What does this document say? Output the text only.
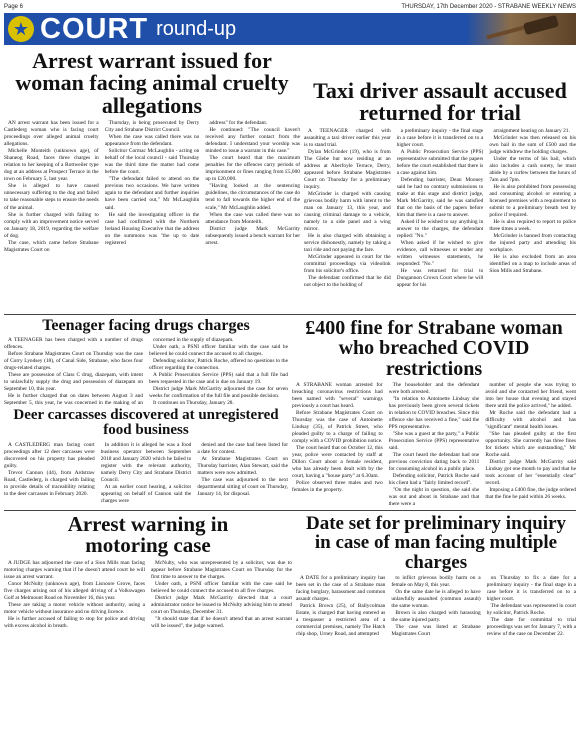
Page 6	THURSDAY, 17th December 2020 - STRABANE WEEKLY NEWS
★ COURT round-up
Arrest warrant issued for woman facing animal cruelty allegations

AN arrest warrant has been issued for a Castlederg woman who is facing court proceedings over alleged animal cruelty allegations.

Michelle Monteith (unknown age), of Shaneog Road, faces three charges in relation to her keeping of a Rottweiler type dog at an address at Prospect Terrace in the town on February 5, last year.

She is alleged to have caused unnecessary suffering to the dog and failed to take reasonable steps to ensure the needs of the animal.

She is further charged with failing to comply with an improvement notice served on January 18, 2019, regarding the welfare of dog.

The case, which came before Strabane Magistrates Court on

Thursday, is being prosecuted by Derry City and Strabane District Council.

When the case was called there was no appearance from the defendant.

Solicitor Cormac McLaughlin - acting on behalf of the local council - said Thursday was the third time the matter had come before the court.

"The defendant failed to attend on the previous two occasions. We have written again to the defendant and further inquiries have been carried out," Mr McLaughlin said.

He said the investigating officer in the case had confirmed with the Northern Ireland Housing Executive that the address on the summons was "the up to date registered

address" for the defendant.

He continued: "The council haven't received any further contact from the defendant. I understand your worship was minded to issue a warrant in this case."

The court heard that the maximum penalties for the offences carry periods of imprisonment or fines ranging from £5,000 up to £20,000.

"Having looked at the sentencing guidelines, the circumstances of the case do tend to fall towards the higher end of the scale," Mr McLaughlin added.

When the case was called there was no attendance from Monteith.

District judge Mark McGarrity subsequently issued a bench warrant for her arrest.

Taxi driver assault accused returned for trial

A TEENAGER charged with assaulting a taxi driver earlier this year is to stand trial.

Dylan McGrinder (19), who is from The Glebe but now residing at an address at Aberfoyle Terrace, Derry, appeared before Strabane Magistrates Court on Thursday for a preliminary inquiry.

McGrinder is charged with causing grievous bodily harm with intent to the man on January 13, this year, and causing criminal damage to a vehicle, namely to a side panel and a wing mirror.

He is also charged with obtaining a service dishonestly, namely by taking a taxi ride and not paying the fare.

McGrinder appeared in court for the committal proceedings via videolink from his solicitor's office.

The defendant confirmed that he did not object to the holding of

a preliminary inquiry - the final stage in a case before it is transferred on to a higher court.

A Public Prosecution Service (PPS) representative submitted that the papers before the court established that there is a case against him.

Defending barrister, Dean Mooney said he had no contrary submissions to make at this stage and district judge, Mark McGarrity, said he was satisfied that on the basis of the papers before him that there is a case to answer.

Asked if he wished to say anything in answer to the charges, the defendant replied: "No."

When asked if he wished to give evidence, call witnesses or tender any written witnesses statements, he responded: "No."

He was returned for trial to Dungannon Crown Court where he will appear for his

arraignment hearing on January 21.

McGrinder was then released on his own bail in the sum of £500 and the judge withdrew the holding charges.

Under the terms of his bail, which also includes a cash surety, he must abide by a curfew between the hours of 7am and 7pm.

He is also prohibited from possessing and consuming alcohol or entering a licensed premises with a requirement to submit to a preliminary breath test by police if required.

He is also required to report to police three times a week.

McGrinder is banned from contacting the injured party and attending his workplace.

He is also excluded from an area identified on a map to include areas of Sion Mills and Strabane.

Teenager facing drugs charges

A TEENAGER has been charged with a number of drugs offences.

Before Strabane Magistrates Court on Thursday was the case of Corry Lyndsey (18), of Canal Side, Strabane, who faces four drugs-related charges.

These are possession of Class C drug, diazepam, with intent to unlawfully supply the drug and possession of diazepam on September 10, this year.

He is further charged that on dates between August 3 and September 5, this year, he was concerned in the making of an

concerned in the supply of diazepam.

Under oath, a PSNI officer familiar with the case said he believed he could connect the accused to all charges.

Defending solicitor, Patrick Roche, offered no questions to the officer regarding the connection.

A Public Prosecution Service (PPS) said that a full file had been requested in the case and is due on January 19.

District judge Mark McGarrity adjourned the case for seven weeks for confirmation of the full file and possible decision.

It continues on Thursday, January 28.

£400 fine for Strabane woman who breached COVID restrictions

A STRABANE woman arrested for breaching coronavirus restrictions had been named with "several" warnings previously a court has heard.

Before Strabane Magistrates Court on Thursday was the case of Antoinette Lindsay (35), of Patrick Street, who pleaded guilty to a charge of failing to comply with a COVID prohibition notice.

The court heard that on October 12, this year, police were contacted by staff at Dillon Court about a female resident, who has already been dealt with by the court, having a "house party" at 6.30am.

Police observed three males and two females in the property.

The householder and the defendant were both arrested.

"In relation to Antoinette Lindsay she has previously been given several tickets in relation to COVID breaches. Since this offence she has received a fine," said the PPS representative.

"She was a guest at the party," a Public Prosecution Service (PPS) representative said.

The court heard the defendant had one previous conviction dating back to 2011 for consuming alcohol in a public place.

Defending solicitor, Patrick Roche said his client had a "fairly limited record".

"On the night in question, she said she was out and about in Strabane and that there were a

number of people she was trying to avoid and she contacted her friend, went into her house that evening and stayed there until the police arrived," he added.

Mr Roche said the defendant had a difficulty with alcohol and has "significant" mental health issues.

"She has pleaded guilty at the first opportunity. She currently has three fines for tickets which are outstanding," Mr Roche said.

District judge Mark McGarrity said Lindsay got one month to pay and that he took account of her "essentially clear" record.

Imposing a £400 fine, the judge ordered that the fine be paid within 26 weeks.

Deer carcasses discovered at unregistered food business

A CASTLEDERG man facing court proceedings after 12 deer carcasses were discovered on his property has pleaded guilty.

Trevor Cannon (44), from Ardstraw Road, Castlederg, is charged with failing to provide details of traceability relating to the deer carcasses in February 2020.

In addition it is alleged he was a food business operator between September 2018 and January 2020 which he failed to register with the relevant authority, namely Derry City and Strabane District Council.

At an earlier court hearing, a solicitor appearing on behalf of Cannon said the charges were

denied and the case had been listed for a date for contest.

At Strabane Magistrates Court on Thursday barrister, Alan Stewart, said the matters were now admitted.

The case was adjourned to the next departmental sitting of court on Thursday, January 14, for disposal.

Arrest warning in motoring case

A JUDGE has adjourned the case of a Sion Mills man facing motoring charges warning that if he doesn't attend court he will issue an arrest warrant.

Conor McNulty (unknown age), from Lisnoore Grove, faces five charges arising out of his alleged driving of a Volkswagen Golf at Melmount Road on November 16, this year.

These are taking a motor vehicle without authority, using a motor vehicle without insurance and no driving licence.

He is further accused of failing to stop for police and driving with excess alcohol in breath.

McNulty, who was unrepresented by a solicitor, was due to appear before Strabane Magistrates Court on Thursday for the first time to answer to the charges.

Under oath, a PSNI officer familiar with the case said he believed he could connect the accused to all five charges.

District judge Mark McGarrity directed that a court administrator notice be issued to McNulty advising him to attend court on Thursday, December 31.

"It should state that if he doesn't attend that an arrest warrant will be issued", the judge warned.

Date set for preliminary inquiry in case of man facing multiple charges

A DATE for a preliminary inquiry has been set in the case of a Strabane man facing burglary, harassment and common assault charges.

Patrick Brown (25), of Ballycolman Estate, is charged that having entered as a trespasser a restricted area of a commercial premises, namely The Hatch chip shop, Urney Road, and attempted

to inflict grievous bodily harm on a female on May 8, this year.

On the same date he is alleged to have unlawfully assaulted (common assault) the same woman.

Brown is also charged with harassing the same injured party.

The case was listed at Strabane Magistrates Court

on Thursday to fix a date for a preliminary inquiry - the final stage in a case before it is transferred on to a higher court.

The defendant was represented in court by solicitor, Patrick Roche.

The date for committal to trial proceedings was set for January 7, with a review of the case on December 22.
